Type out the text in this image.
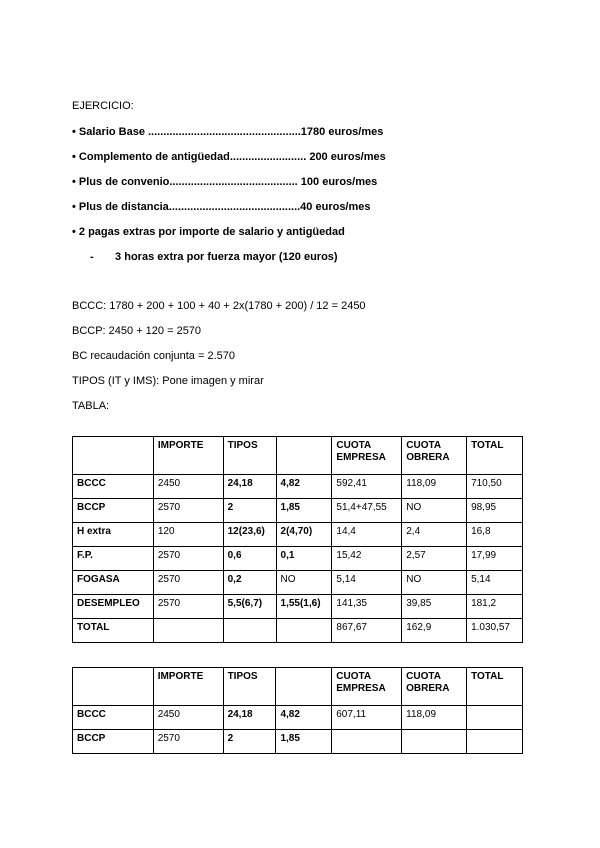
EJERCICIO:
• Salario Base ..................................................1780 euros/mes
• Complemento de antigüedad......................... 200 euros/mes
• Plus de convenio.......................................... 100 euros/mes
• Plus de distancia...........................................40 euros/mes
• 2 pagas extras por importe de salario y antigüedad
-       3 horas extra por fuerza mayor (120 euros)
BCCC: 1780 + 200 + 100 + 40 + 2x(1780 + 200) / 12 = 2450
BCCP: 2450 + 120 = 2570
BC recaudación conjunta = 2.570
TIPOS (IT y IMS): Pone imagen y mirar
TABLA:
	IMPORTE	TIPOS		CUOTA EMPRESA	CUOTA OBRERA	TOTAL
BCCC	2450	24,18	4,82	592,41	118,09	710,50
BCCP	2570	2	1,85	51,4+47,55	NO	98,95
H extra	120	12(23,6)	2(4,70)	14,4	2,4	16,8
F.P.	2570	0,6	0,1	15,42	2,57	17,99
FOGASA	2570	0,2	NO	5,14	NO	5,14
DESEMPLEO	2570	5,5(6,7)	1,55(1,6)	141,35	39,85	181,2
TOTAL				867,67	162,9	1.030,57
	IMPORTE	TIPOS		CUOTA EMPRESA	CUOTA OBRERA	TOTAL
BCCC	2450	24,18	4,82	607,11	118,09	
BCCP	2570	2	1,85			
